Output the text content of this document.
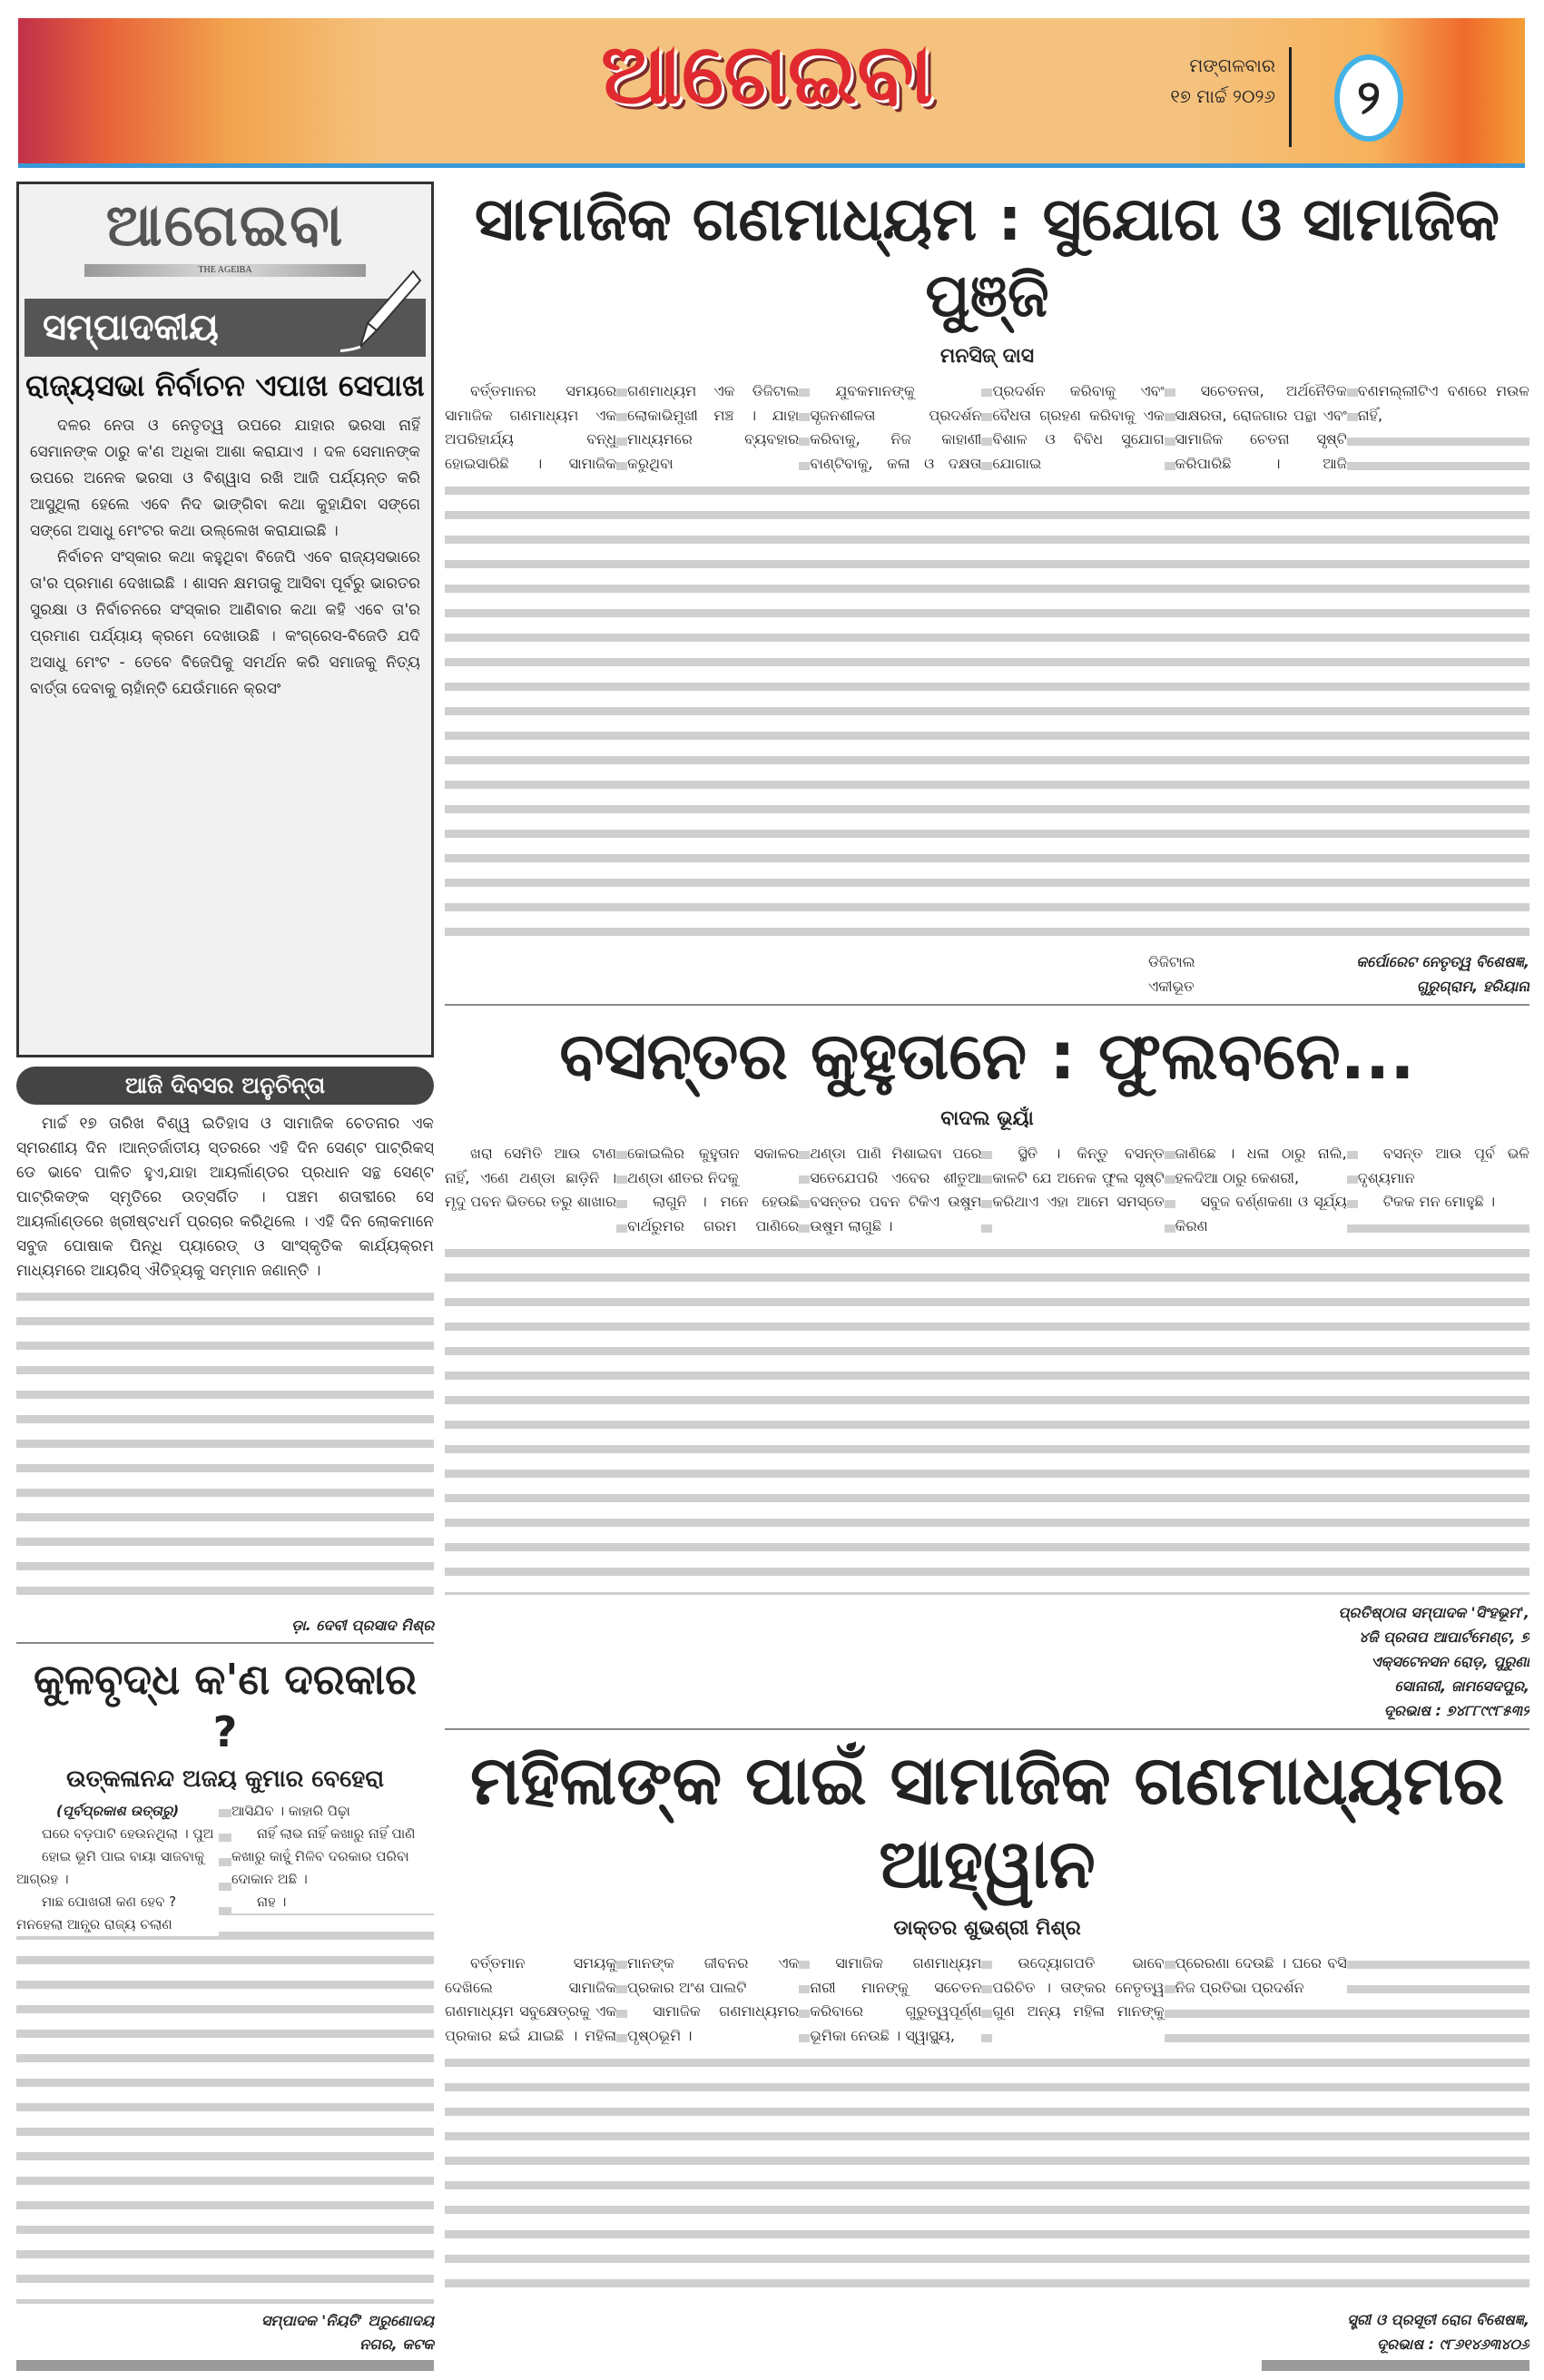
ଆଗେଇବା	ମଙ୍ଗଳବାର
୧୭ ମାର୍ଚ୍ଚ ୨୦୨୬	୨
ଆଗେଇବା
THE AGEIBA
ସମ୍ପାଦକୀୟ
ରାଜ୍ୟସଭା ନିର୍ବାଚନ ଏପାଖ ସେପାଖ

ଦଳର ନେତା ଓ ନେତୃତ୍ୱ ଉପରେ ଯାହାର ଭରସା ନାହିଁ ସେମାନଙ୍କ ଠାରୁ କ'ଣ ଅଧିକା ଆଶା କରାଯାଏ । ଦଳ ସେମାନଙ୍କ ଉପରେ ଅନେକ ଭରସା ଓ ବିଶ୍ୱାସ ରଖି ଆଜି ପର୍ଯ୍ୟନ୍ତ କରି ଆସୁଥିଲା ହେଲେ ଏବେ ନିଦ ଭାଙ୍ଗିବା କଥା କୁହାଯିବା ସଙ୍ଗେ ସଙ୍ଗେ ଅସାଧୁ ମେଂଟର କଥା ଉଲ୍ଲେଖ କରାଯାଇଛି ।

ନିର୍ବାଚନ ସଂସ୍କାର କଥା କହୁଥିବା ବିଜେପି ଏବେ ରାଜ୍ୟସଭାରେ ତା'ର ପ୍ରମାଣ ଦେଖାଇଛି । ଶାସନ କ୍ଷମତାକୁ ଆସିବା ପୂର୍ବରୁ ଭାରତର ସୁରକ୍ଷା ଓ ନିର୍ବାଚନରେ ସଂସ୍କାର ଆଣିବାର କଥା କହି ଏବେ ତା'ର ପ୍ରମାଣ ପର୍ଯ୍ୟାୟ କ୍ରମେ ଦେଖାଉଛି । କଂଗ୍ରେସ-ବିଜେଡି ଯଦି ଅସାଧୁ ମେଂଟ - ତେବେ ବିଜେପିକୁ ସମର୍ଥନ କରି ସମାଜକୁ ନିତ୍ୟ ବାର୍ତ୍ତା ଦେବାକୁ ଚାହାଁନ୍ତି ଯେଉଁମାନେ କ୍ରସଂ

ଆଜି ଦିବସର ଅନୁଚିନ୍ତା

ମାର୍ଚ୍ଚ ୧୭ ତାରିଖ ବିଶ୍ୱ ଇତିହାସ ଓ ସାମାଜିକ ଚେତନାର ଏକ ସ୍ମରଣୀୟ ଦିନ ।ଆନ୍ତର୍ଜାତୀୟ ସ୍ତରରେ ଏହି ଦିନ ସେଣ୍ଟ ପାଟ୍ରିକସ୍ ଡେ ଭାବେ ପାଳିତ ହୁଏ,ଯାହା ଆୟର୍ଲାଣ୍ଡର ପ୍ରଧାନ ସନ୍ଥ ସେଣ୍ଟ ପାଟ୍ରିକଙ୍କ ସ୍ମୃତିରେ ଉତ୍ସର୍ଗିତ । ପଞ୍ଚମ ଶତାବ୍ଦୀରେ ସେ ଆୟର୍ଲାଣ୍ଡରେ ଖ୍ରୀଷ୍ଟଧର୍ମ ପ୍ରଚାର କରିଥିଲେ । ଏହି ଦିନ ଲୋକମାନେ ସବୁଜ ପୋଷାକ ପିନ୍ଧି ପ୍ୟାରେଡ୍ ଓ ସାଂସ୍କୃତିକ କାର୍ଯ୍ୟକ୍ରମ ମାଧ୍ୟମରେ ଆୟରିସ୍ ଐତିହ୍ୟକୁ ସମ୍ମାନ ଜଣାନ୍ତି ।

ଡ଼ା. ଦେବୀ ପ୍ରସାଦ ମିଶ୍ର
କୁଳବୃଦ୍ଧ କ'ଣ ଦରକାର ?
ଉତ୍କଳାନନ୍ଦ ଅଜୟ କୁମାର ବେହେରା

(ପୂର୍ବପ୍ରକାଶ ଉତ୍ତାରୁ)

ଘରେ ବଡ଼ପାଟି ହେଉନଥିଲା । ପୁଅ

ହୋଇ ଭୂମି ପାଇ ବାୟା ସାଜବାକୁ ଆଗ୍ରହ ।

ମାଛ ପୋଖରୀ କଣ ହେବ ? ମନହେଲା ଆନ୍ଧ୍ର ରାଜ୍ୟ ଚଲାଣ ଆସିଯିବ । କାହାରି ପିଢ଼ା

ନାହିଁ ଲାଭ ନାହିଁ କଖାରୁ ନାହିଁ ପାଣି କଖାରୁ କାହୁଁ ମିଳିବ ଦରକାର ପରିବା ଦୋକାନ ଅଛି ।

ନାହ ।

ସମ୍ପାଦକ 'ନିୟତି' ଅରୁଣୋଦୟ
ନଗର, କଟକ
ସାମାଜିକ ଗଣମାଧ୍ୟମ : ସୁଯୋଗ ଓ ସାମାଜିକ ପୁଞ୍ଜି
ମନସିଜ୍ ଦାସ

ବର୍ତ୍ତମାନର ସମୟରେ ସାମାଜିକ ଗଣମାଧ୍ୟମ ଏକ ଅପରିହାର୍ଯ୍ୟ ବନ୍ଧୁ ହୋଇସାରିଛି । ସାମାଜିକ ଗଣମାଧ୍ୟମ ଏକ ଡିଜିଟାଲ ଲୋକାଭିମୁଖୀ ମଞ୍ଚ । ଯାହା ମାଧ୍ୟମରେ ବ୍ୟବହାର କରୁଥିବା

ଯୁବକମାନଙ୍କୁ ସୃଜନଶୀଳତା ପ୍ରଦର୍ଶନ କରିବାକୁ, ନିଜ କାହାଣୀ ବାଣ୍ଟିବାକୁ, କଳା ଓ ଦକ୍ଷତା ପ୍ରଦର୍ଶନ କରିବାକୁ ଏବଂ ବୈଧତା ଗ୍ରହଣ କରିବାକୁ ଏକ ବିଶାଳ ଓ ବିବିଧ ସୁଯୋଗ ଯୋଗାଇ

ସଚେତନତା, ଅର୍ଥନୈତିକ ସାକ୍ଷରତା, ରୋଜଗାର ପନ୍ଥା ଏବଂ ସାମାଜିକ ଚେତନା ସୃଷ୍ଟି କରିପାରିଛି । ଆଜି ବଣମଲ୍ଲୀଟିଏ ବଣରେ ମଉଳ ନାହିଁ,

ଡିଜିଟାଲ	କର୍ପୋରେଟ ନେତୃତ୍ୱ ବିଶେଷଜ୍ଞ,
ଏକୀଭୂତ	ଗୁରୁଗ୍ରାମ, ହରିୟାନା
ବସନ୍ତର କୁହୁତାନେ : ଫୁଲବନେ...
ବାଦଲ ଭୂୟାଁ

ଖରା ସେମିତି ଆଉ ଟାଣ ନାହିଁ, ଏଣେ ଥଣ୍ଡା ଛାଡ଼ିନି । ମୃଦୁ ପବନ ଭିତରେ ତରୁ ଶାଖାର କୋଇଲିର କୁହୁତାନ ସକାଳର ଥଣ୍ଡା ଶୀତର ନିଦକୁ

ଲାଗୁନି । ମନେ ହେଉଛି ବାର୍ଥରୁମର ଗରମ ପାଣିରେ ଥଣ୍ଡା ପାଣି ମିଶାଇବା ପରେ ସତେଯେପରି ଏବେର ଶୀତୁଆ ବସନ୍ତର ପବନ ଟିକିଏ ଉଷୁମ ଉଷୁମ ଲାଗୁଛି ।

ସ୍ଥିତି । କିନ୍ତୁ ବସନ୍ତ କାଳଟି ଯେ ଅନେକ ଫୁଲ ସୃଷ୍ଟି କରିଥାଏ ଏହା ଆମେ ସମସ୍ତେ ଜାଣିଛେ । ଧଳା ଠାରୁ ନାଲି, ହଳଦିଆ ଠାରୁ କେଶରୀ,

ସବୁଜ ବର୍ଣ୍ଣକଣା ଓ ସୂର୍ଯ୍ୟ କିରଣ

ବସନ୍ତ ଆଉ ପୂର୍ବ ଭଳି ଦୃଶ୍ୟମାନ

ଟିକକ ମନ ମୋହୁଛି ।

ପ୍ରତିଷ୍ଠାତା ସମ୍ପାଦକ 'ସିଂହଭୂମ',
୪ଜି ପ୍ରତାପ ଆପାର୍ଟମେଣ୍ଟ, ୭
ଏକ୍ସଟେନସନ ରୋଡ଼, ପୁରୁଣା
ସୋନାରୀ, ଜାମସେଦପୁର,
ଦୂରଭାଷ : ୭୪୮୮୯୯୮୫୩୨
ମହିଳାଙ୍କ ପାଇଁ ସାମାଜିକ ଗଣମାଧ୍ୟମର ଆହ୍ୱାନ
ଡାକ୍ତର ଶୁଭଶ୍ରୀ ମିଶ୍ର

ବର୍ତ୍ତମାନ ସମୟକୁ ଦେଖିଲେ ସାମାଜିକ ଗଣମାଧ୍ୟମ ସବୁକ୍ଷେତ୍ରକୁ ଏକ ପ୍ରକାର ଛଇଁ ଯାଇଛି । ମହିଳା ମାନଙ୍କ ଜୀବନର ଏକ ପ୍ରକାର ଅଂଶ ପାଲଟି

ସାମାଜିକ ଗଣମାଧ୍ୟମର ପୃଷ୍ଠଭୂମି ।

ସାମାଜିକ ଗଣମାଧ୍ୟମ ନାରୀ ମାନଙ୍କୁ ସଚେତନ କରିବାରେ ଗୁରୁତ୍ୱପୂର୍ଣ୍ଣ ଭୂମିକା ନେଉଛି । ସ୍ୱାସ୍ଥ୍ୟ,

ଉଦ୍ୟୋଗପତି ଭାବେ ପରିଚିତ । ତାଙ୍କର ନେତୃତ୍ୱ ଗୁଣ ଅନ୍ୟ ମହିଳା ମାନଙ୍କୁ ପ୍ରେରଣା ଦେଉଛି । ଘରେ ବସି ନିଜ ପ୍ରତିଭା ପ୍ରଦର୍ଶନ

ସ୍ତ୍ରୀ ଓ ପ୍ରସୂତୀ ରୋଗ ବିଶେଷଜ୍ଞ,
ଦୂରଭାଷ : ୯୮୬୧୪୬୩୪୦୬
